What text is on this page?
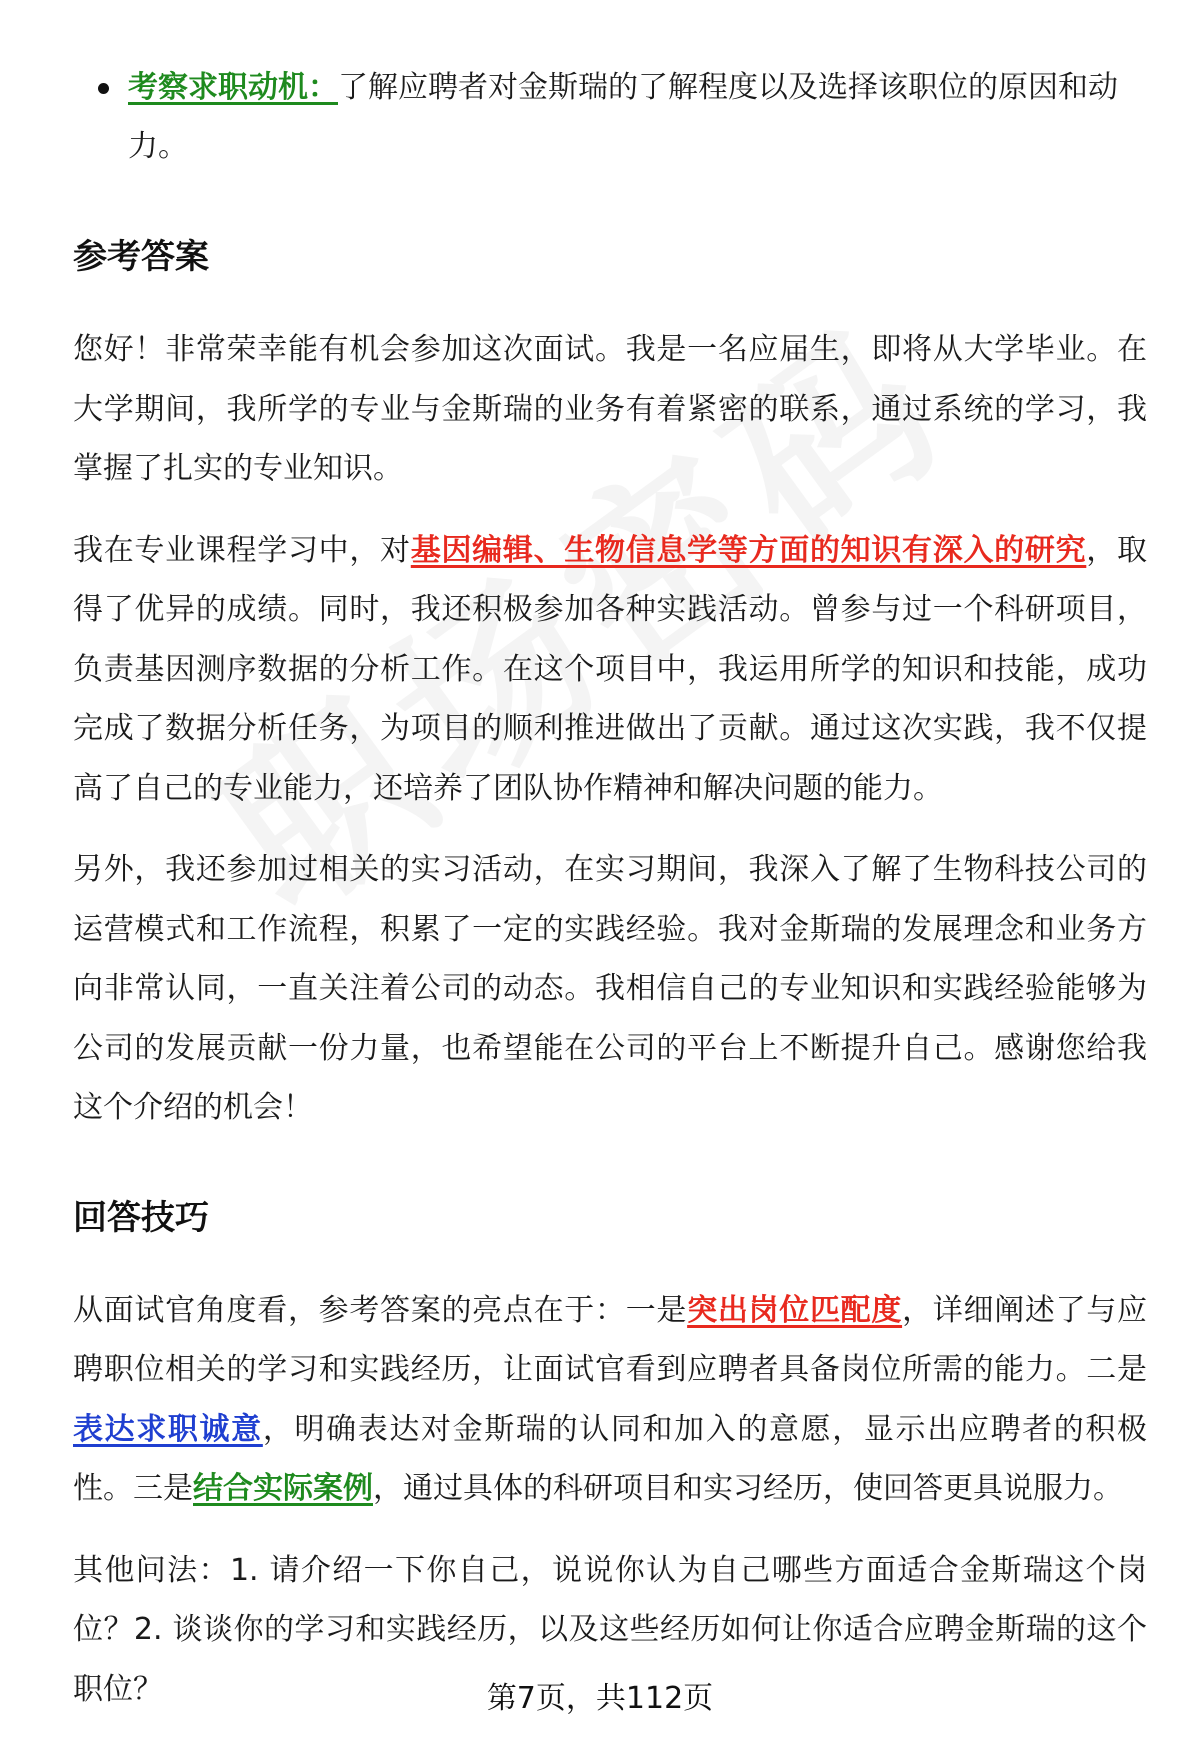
考察求职动机：了解应聘者对金斯瑞的了解程度以及选择该职位的原因和动力。
参考答案

您好！非常荣幸能有机会参加这次面试。我是一名应届生，即将从大学毕业。在大学期间，我所学的专业与金斯瑞的业务有着紧密的联系，通过系统的学习，我掌握了扎实的专业知识。

我在专业课程学习中，对基因编辑、生物信息学等方面的知识有深入的研究，取得了优异的成绩。同时，我还积极参加各种实践活动。曾参与过一个科研项目，负责基因测序数据的分析工作。在这个项目中，我运用所学的知识和技能，成功完成了数据分析任务，为项目的顺利推进做出了贡献。通过这次实践，我不仅提高了自己的专业能力，还培养了团队协作精神和解决问题的能力。

另外，我还参加过相关的实习活动，在实习期间，我深入了解了生物科技公司的运营模式和工作流程，积累了一定的实践经验。我对金斯瑞的发展理念和业务方向非常认同，一直关注着公司的动态。我相信自己的专业知识和实践经验能够为公司的发展贡献一份力量，也希望能在公司的平台上不断提升自己。感谢您给我这个介绍的机会！

回答技巧

从面试官角度看，参考答案的亮点在于：一是突出岗位匹配度，详细阐述了与应聘职位相关的学习和实践经历，让面试官看到应聘者具备岗位所需的能力。二是表达求职诚意，明确表达对金斯瑞的认同和加入的意愿，显示出应聘者的积极性。三是结合实际案例，通过具体的科研项目和实习经历，使回答更具说服力。

其他问法：1. 请介绍一下你自己，说说你认为自己哪些方面适合金斯瑞这个岗位？2. 谈谈你的学习和实践经历，以及这些经历如何让你适合应聘金斯瑞的这个职位？	第7页，共112页
